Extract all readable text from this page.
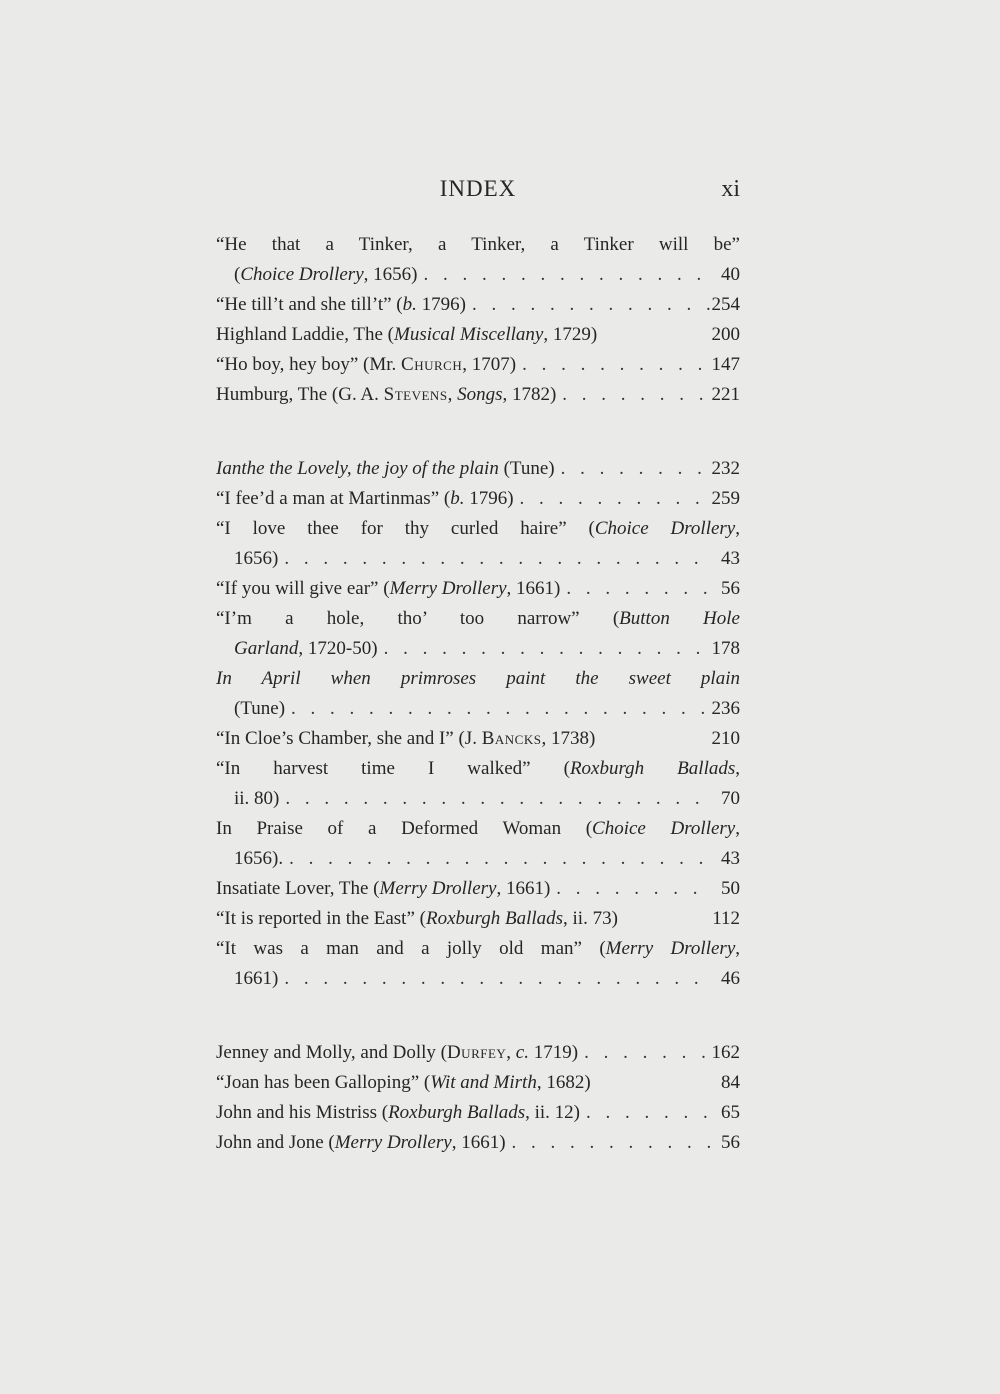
INDEX	xi
“He that a Tinker, a Tinker, a Tinker will be”
(Choice Drollery, 1656) . . .	40
“He till’t and she till’t” (b. 1796) . . .	254
Highland Laddie, The (Musical Miscellany, 1729)	200
“Ho boy, hey boy” (Mr. Church, 1707) . . .	147
Humburg, The (G. A. Stevens, Songs, 1782) . . .	221
Ianthe the Lovely, the joy of the plain (Tune) . . .	232
“I fee’d a man at Martinmas” (b. 1796) . . .	259
“I love thee for thy curled haire” (Choice Drollery,
1656) . . .	43
“If you will give ear” (Merry Drollery, 1661) . . .	56
“I’m a hole, tho’ too narrow” (Button Hole
Garland, 1720-50) . . .	178
In April when primroses paint the sweet plain
(Tune) . . .	236
“In Cloe’s Chamber, she and I” (J. Bancks, 1738)	210
“In harvest time I walked” (Roxburgh Ballads,
ii. 80) . . .	70
In Praise of a Deformed Woman (Choice Drollery,
1656). . . .	43
Insatiate Lover, The (Merry Drollery, 1661) . . .	50
“It is reported in the East” (Roxburgh Ballads, ii. 73)	112
“It was a man and a jolly old man” (Merry Drollery,
1661) . . .	46
Jenney and Molly, and Dolly (Durfey, c. 1719) . . .	162
“Joan has been Galloping” (Wit and Mirth, 1682)	84
John and his Mistriss (Roxburgh Ballads, ii. 12) . . .	65
John and Jone (Merry Drollery, 1661) . . .	56
